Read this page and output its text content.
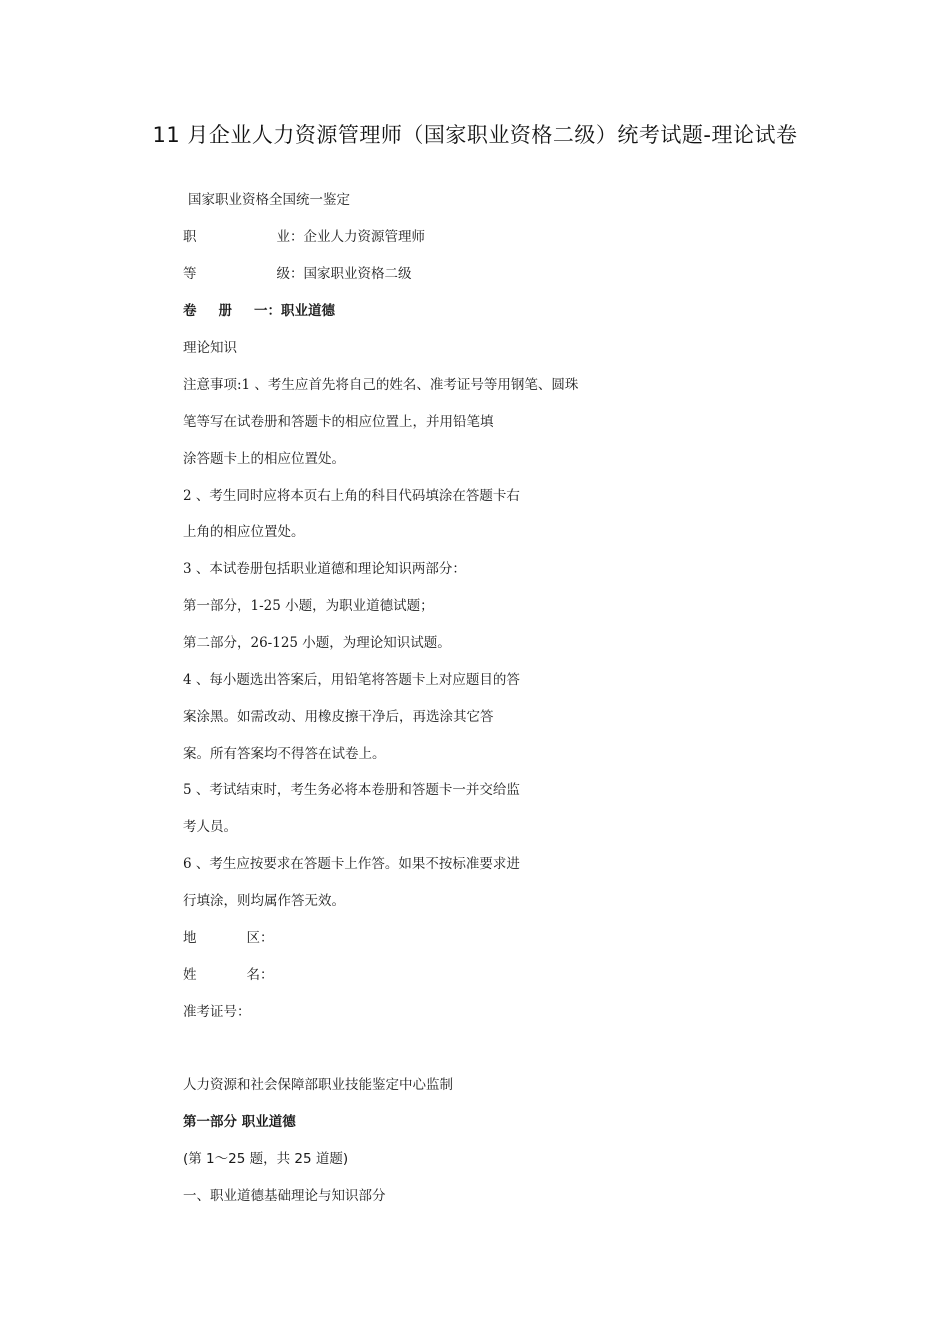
11 月企业人力资源管理师（国家职业资格二级）统考试题-理论试卷
国家职业资格全国统一鉴定
职	业：企业人力资源管理师
等	级：国家职业资格二级
卷 册 一：职业道德
理论知识
注意事项:1 、考生应首先将自己的姓名、准考证号等用钢笔、圆珠
笔等写在试卷册和答题卡的相应位置上，并用铅笔填
涂答题卡上的相应位置处。
2 、考生同时应将本页右上角的科目代码填涂在答题卡右
上角的相应位置处。
3 、本试卷册包括职业道德和理论知识两部分：
第一部分，1-25 小题，为职业道德试题；
第二部分，26-125 小题，为理论知识试题。
4 、每小题选出答案后，用铅笔将答题卡上对应题目的答
案涂黑。如需改动、用橡皮擦干净后，再选涂其它答
案。所有答案均不得答在试卷上。
5 、考试结束时，考生务必将本卷册和答题卡一并交给监
考人员。
6 、考生应按要求在答题卡上作答。如果不按标准要求进
行填涂，则均属作答无效。
地	区：
姓	名：
准考证号：
人力资源和社会保障部职业技能鉴定中心监制
第一部分 职业道德
(第 1～25 题，共 25 道题)
一、职业道德基础理论与知识部分
